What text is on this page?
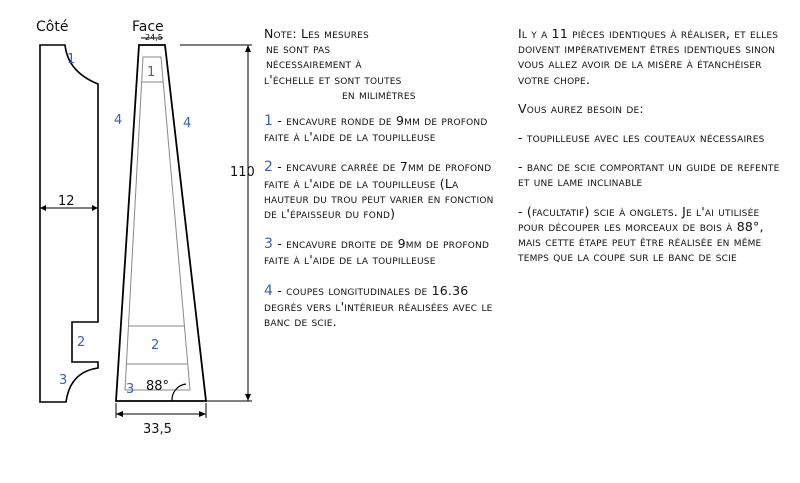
Côté
12
1
2
3
Face
24,5
88°
1
2
3
4	4
110
33,5

Note: Les mesures

ne sont pas

nécessairement à

l'échelle et sont toutes

en milimètres

1 - encavure ronde de 9mm de profond faite à l'aide de la toupilleuse

2 - encavure carrée de 7mm de profond faite à l'aide de la toupilleuse (La hauteur du trou peut varier en fonction de l'épaisseur du fond)

3 - encavure droite de 9mm de profond faite à l'aide de la toupilleuse

4 - coupes longitudinales de 16.36 degrés vers l'intérieur réalisées avec le banc de scie.

Il y a 11 pièces identiques à réaliser, et elles doivent impérativement êtres identiques sinon vous allez avoir de la misère à étanchéiser votre chope.

Vous aurez besoin de:

- toupilleuse avec les couteaux nécessaires

- banc de scie comportant un guide de refente et une lame inclinable

- (facultatif) scie à onglets. Je l'ai utilisée pour découper les morceaux de bois à 88°, mais cette étape peut être réalisée en même temps que la coupe sur le banc de scie
